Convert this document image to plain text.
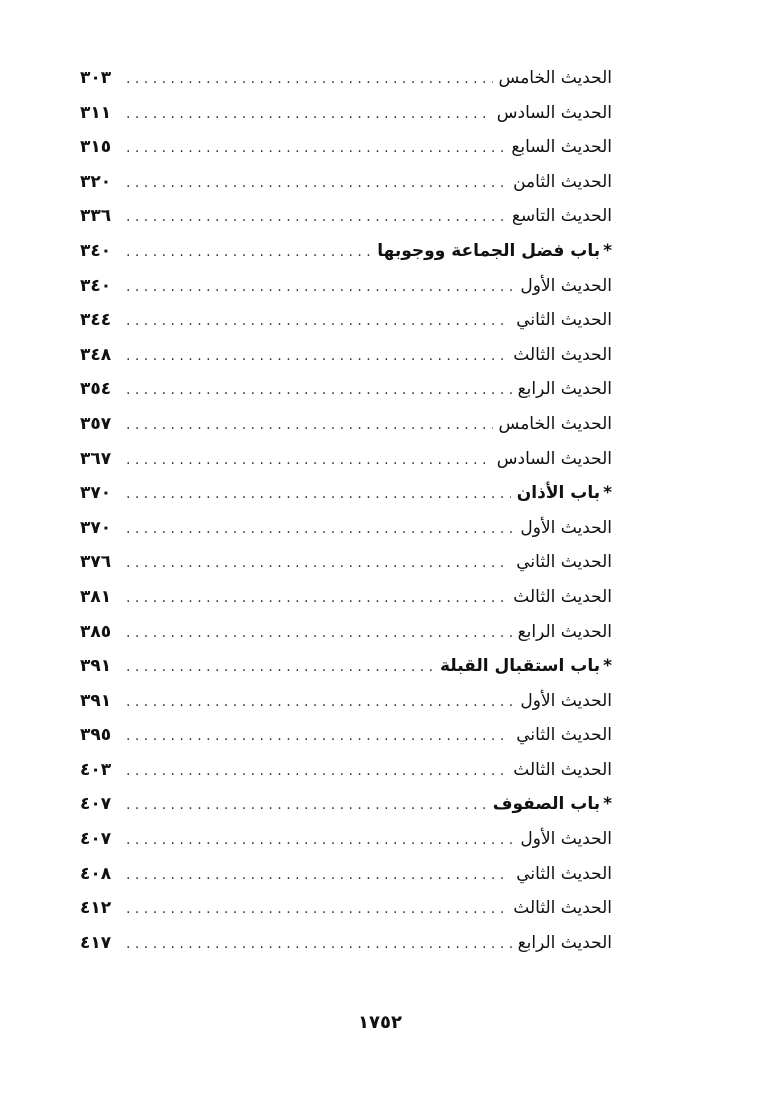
الحديث الخامس
. . .
٣٠٣
الحديث السادس
. . .
٣١١
الحديث السابع
. . .
٣١٥
الحديث الثامن
. . .
٣٢٠
الحديث التاسع
. . .
٣٣٦
*باب فضل الجماعة ووجوبها
. . .
٣٤٠
الحديث الأول
. . .
٣٤٠
الحديث الثاني
. . .
٣٤٤
الحديث الثالث
. . .
٣٤٨
الحديث الرابع
. . .
٣٥٤
الحديث الخامس
. . .
٣٥٧
الحديث السادس
. . .
٣٦٧
*باب الأذان
. . .
٣٧٠
الحديث الأول
. . .
٣٧٠
الحديث الثاني
. . .
٣٧٦
الحديث الثالث
. . .
٣٨١
الحديث الرابع
. . .
٣٨٥
*باب استقبال القبلة
. . .
٣٩١
الحديث الأول
. . .
٣٩١
الحديث الثاني
. . .
٣٩٥
الحديث الثالث
. . .
٤٠٣
*باب الصفوف
. . .
٤٠٧
الحديث الأول
. . .
٤٠٧
الحديث الثاني
. . .
٤٠٨
الحديث الثالث
. . .
٤١٢
الحديث الرابع
. . .
٤١٧
١٧٥٢
